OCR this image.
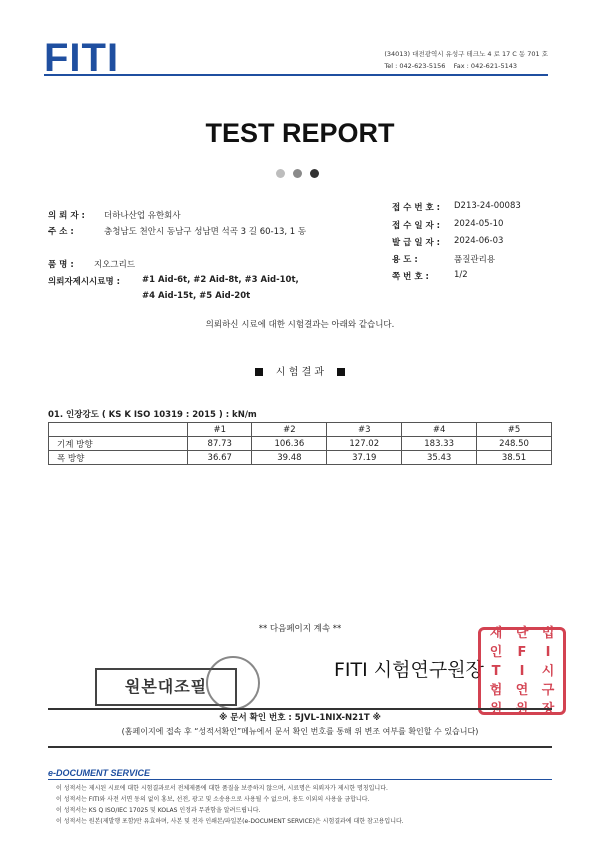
FITI	(34013) 대전광역시 유성구 테크노 4 로 17 C 동 701 호
Tel : 042-623-5156 Fax : 042-621-5143
TEST REPORT
의 뢰 자 :	더하나산업 유한회사
주 소 :	충청남도 천안시 동남구 성남면 석곡 3 길 60-13, 1 동
품 명 :	지오그리드
의뢰자제시시료명 :	#1 Aid-6t, #2 Aid-8t, #3 Aid-10t,
#4 Aid-15t, #5 Aid-20t
접 수 번 호 :	D213-24-00083
접 수 일 자 :	2024-05-10
발 급 일 자 :	2024-06-03
용 도 :	품질관리용
쪽 번 호 :	1/2
의뢰하신 시료에 대한 시험결과는 아래와 같습니다.
시 험 결 과
01. 인장강도 ( KS K ISO 10319 : 2015 ) : kN/m
	#1	#2	#3	#4	#5
기계 방향	87.73	106.36	127.02	183.33	248.50
폭 방향	36.67	39.48	37.19	35.43	38.51
** 다음페이지 계속 **
원본대조필
FITI 시험연구원장
재	단	법
인	F	I
T	I	시
험	연	구
원	원	장
※ 문서 확인 번호 : 5JVL-1NIX-N21T ※
(홈페이지에 접속 후 “성적서확인”메뉴에서 문서 확인 번호를 통해 위 변조 여부를 확인할 수 있습니다)
e-DOCUMENT SERVICE
이 성적서는 제시된 시료에 대한 시험결과로서 전체제품에 대한 품질을 보증하지 않으며, 시료명은 의뢰자가 제시한 명칭입니다.
이 성적서는 FITI와 사전 서면 동의 없이 홍보, 선전, 광고 및 소송용으로 사용될 수 없으며, 용도 이외의 사용을 금합니다.
이 성적서는 KS Q ISO/IEC 17025 및 KOLAS 인정과 무관함을 알려드립니다.
이 성적서는 원본(제발행 포함)만 유효하며, 사본 및 전자 인쇄본/파일본(e-DOCUMENT SERVICE)은 시험결과에 대한 참고용입니다.
